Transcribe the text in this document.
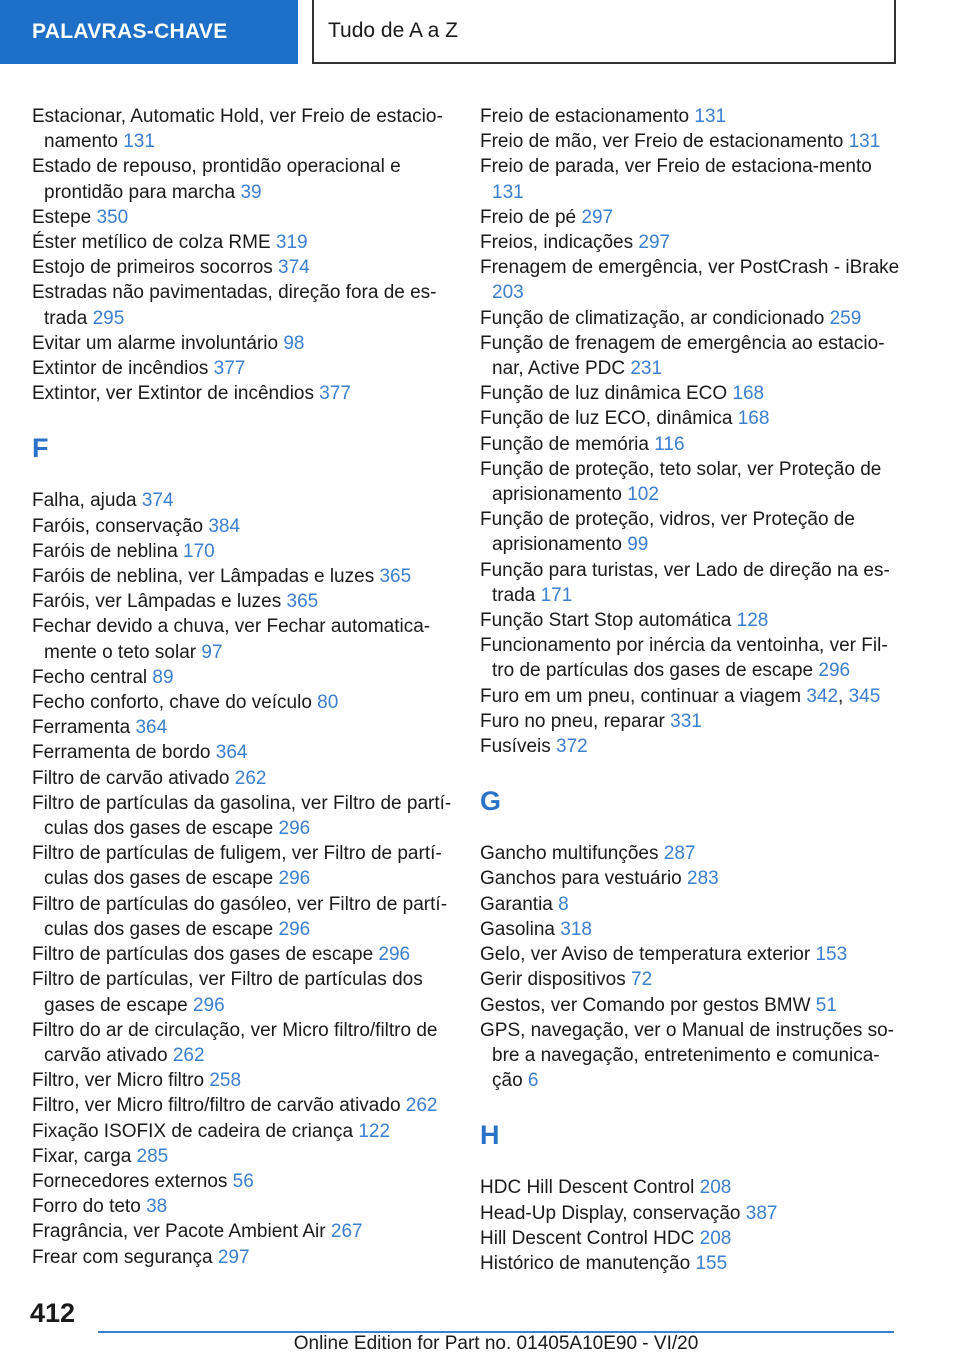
PALAVRAS-CHAVE	Tudo de A a Z

Estacionar, Automatic Hold, ver Freio de estacio-namento 131

Estado de repouso, prontidão operacional e prontidão para marcha 39

Estepe 350

Éster metílico de colza RME 319

Estojo de primeiros socorros 374

Estradas não pavimentadas, direção fora de es-trada 295

Evitar um alarme involuntário 98

Extintor de incêndios 377

Extintor, ver Extintor de incêndios 377

F

Falha, ajuda 374

Faróis, conservação 384

Faróis de neblina 170

Faróis de neblina, ver Lâmpadas e luzes 365

Faróis, ver Lâmpadas e luzes 365

Fechar devido a chuva, ver Fechar automatica-mente o teto solar 97

Fecho central 89

Fecho conforto, chave do veículo 80

Ferramenta 364

Ferramenta de bordo 364

Filtro de carvão ativado 262

Filtro de partículas da gasolina, ver Filtro de partí-culas dos gases de escape 296

Filtro de partículas de fuligem, ver Filtro de partí-culas dos gases de escape 296

Filtro de partículas do gasóleo, ver Filtro de partí-culas dos gases de escape 296

Filtro de partículas dos gases de escape 296

Filtro de partículas, ver Filtro de partículas dos gases de escape 296

Filtro do ar de circulação, ver Micro filtro/filtro de carvão ativado 262

Filtro, ver Micro filtro 258

Filtro, ver Micro filtro/filtro de carvão ativado 262

Fixação ISOFIX de cadeira de criança 122

Fixar, carga 285

Fornecedores externos 56

Forro do teto 38

Fragrância, ver Pacote Ambient Air 267

Frear com segurança 297

Freio de estacionamento 131

Freio de mão, ver Freio de estacionamento 131

Freio de parada, ver Freio de estaciona-mento 131

Freio de pé 297

Freios, indicações 297

Frenagem de emergência, ver PostCrash - iBrake 203

Função de climatização, ar condicionado 259

Função de frenagem de emergência ao estacio-nar, Active PDC 231

Função de luz dinâmica ECO 168

Função de luz ECO, dinâmica 168

Função de memória 116

Função de proteção, teto solar, ver Proteção de aprisionamento 102

Função de proteção, vidros, ver Proteção de aprisionamento 99

Função para turistas, ver Lado de direção na es-trada 171

Função Start Stop automática 128

Funcionamento por inércia da ventoinha, ver Fil-tro de partículas dos gases de escape 296

Furo em um pneu, continuar a viagem 342, 345

Furo no pneu, reparar 331

Fusíveis 372

G

Gancho multifunções 287

Ganchos para vestuário 283

Garantia 8

Gasolina 318

Gelo, ver Aviso de temperatura exterior 153

Gerir dispositivos 72

Gestos, ver Comando por gestos BMW 51

GPS, navegação, ver o Manual de instruções so-bre a navegação, entretenimento e comunica-ção 6

H

HDC Hill Descent Control 208

Head-Up Display, conservação 387

Hill Descent Control HDC 208

Histórico de manutenção 155

412
Online Edition for Part no. 01405A10E90 - VI/20
